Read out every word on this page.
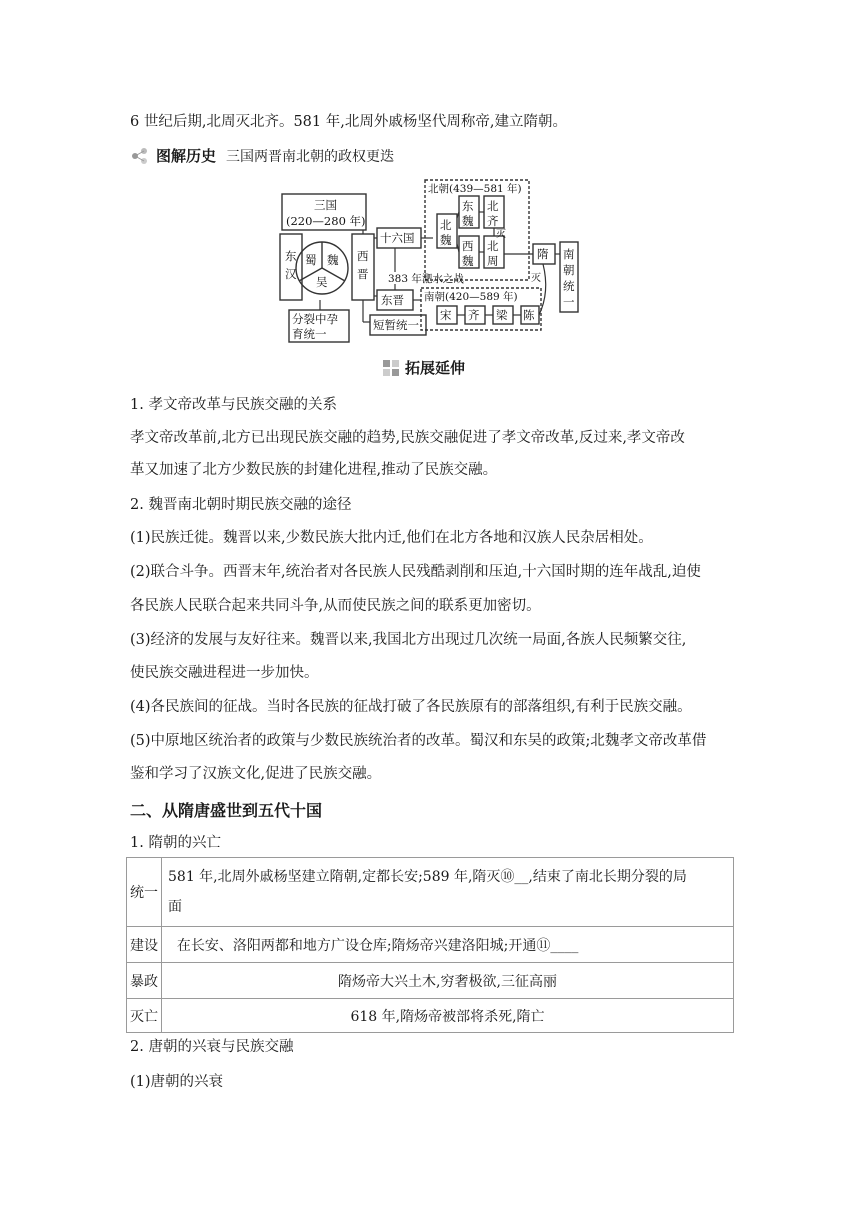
6 世纪后期,北周灭北齐。581 年,北周外戚杨坚代周称帝,建立隋朝。
图解历史 三国两晋南北朝的政权更迭
三国
(220—280 年)
东
汉
蜀 魏
吴
西
晋
十六国
东晋
分裂中孕
育统一
短暂统一
383 年淝水之战
北朝(439—581 年)
北
魏
东
魏
北
齐
西
魏
北
周
灭
灭
隋 南
朝
统
一
南朝(420—589 年)
宋 齐 梁 陈
拓展延伸
1. 孝文帝改革与民族交融的关系
孝文帝改革前,北方已出现民族交融的趋势,民族交融促进了孝文帝改革,反过来,孝文帝改
革又加速了北方少数民族的封建化进程,推动了民族交融。
2. 魏晋南北朝时期民族交融的途径
(1)民族迁徙。魏晋以来,少数民族大批内迁,他们在北方各地和汉族人民杂居相处。
(2)联合斗争。西晋末年,统治者对各民族人民残酷剥削和压迫,十六国时期的连年战乱,迫使
各民族人民联合起来共同斗争,从而使民族之间的联系更加密切。
(3)经济的发展与友好往来。魏晋以来,我国北方出现过几次统一局面,各族人民频繁交往,
使民族交融进程进一步加快。
(4)各民族间的征战。当时各民族的征战打破了各民族原有的部落组织,有利于民族交融。
(5)中原地区统治者的政策与少数民族统治者的改革。蜀汉和东吴的政策;北魏孝文帝改革借
鉴和学习了汉族文化,促进了民族交融。
二、从隋唐盛世到五代十国
1. 隋朝的兴亡
统一	581 年,北周外戚杨坚建立隋朝,定都长安;589 年,隋灭⑩__,结束了南北长期分裂的局
面

建设	在长安、洛阳两都和地方广设仓库;隋炀帝兴建洛阳城;开通⑪____
暴政	隋炀帝大兴土木,穷奢极欲,三征高丽
灭亡	618 年,隋炀帝被部将杀死,隋亡
2. 唐朝的兴衰与民族交融
(1)唐朝的兴衰
